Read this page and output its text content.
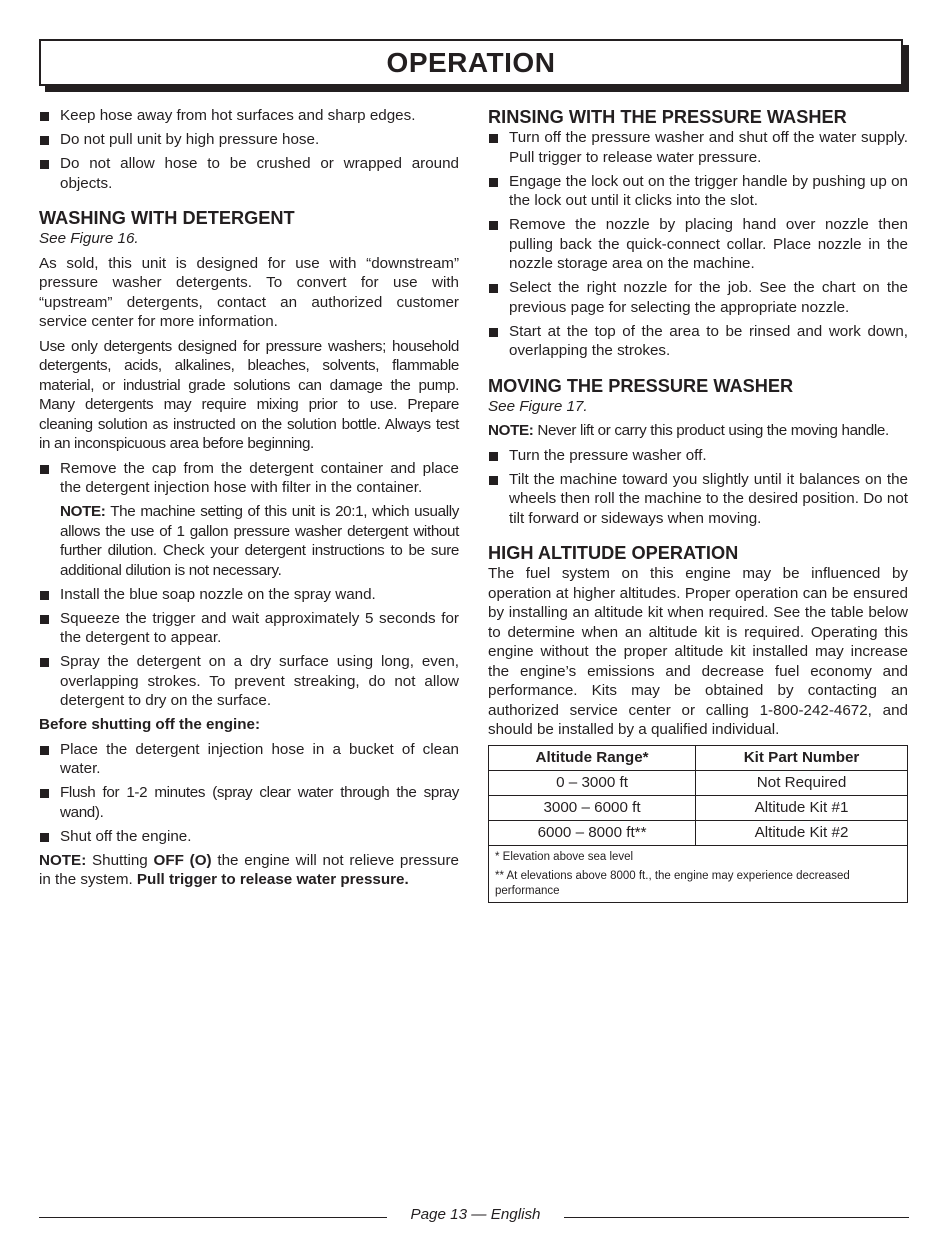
OPERATION
Keep hose away from hot surfaces and sharp edges.
Do not pull unit by high pressure hose.
Do not allow hose to be crushed or wrapped around objects.
WASHING WITH DETERGENT
See Figure 16.

As sold, this unit is designed for use with “downstream” pressure washer detergents. To convert for use with “upstream” detergents, contact an authorized customer service center for more information.

Use only detergents designed for pressure washers; household detergents, acids, alkalines, bleaches, solvents, flammable material, or industrial grade solutions can damage the pump. Many detergents may require mixing prior to use. Prepare cleaning solution as instructed on the solution bottle. Always test in an inconspicuous area before beginning.

Remove the cap from the detergent container and place the detergent injection hose with filter in the container.
NOTE: The machine setting of this unit is 20:1, which usually allows the use of 1 gallon pressure washer detergent without further dilution. Check your detergent instructions to be sure additional dilution is not necessary.
Install the blue soap nozzle on the spray wand.
Squeeze the trigger and wait approximately 5 seconds for the detergent to appear.
Spray the detergent on a dry surface using long, even, overlapping strokes. To prevent streaking, do not allow detergent to dry on the surface.
Before shutting off the engine:
Place the detergent injection hose in a bucket of clean water.
Flush for 1-2 minutes (spray clear water through the spray wand).
Shut off the engine.

NOTE: Shutting OFF (O) the engine will not relieve pressure in the system. Pull trigger to release water pressure.

RINSING WITH THE PRESSURE WASHER
Turn off the pressure washer and shut off the water supply. Pull trigger to release water pressure.
Engage the lock out on the trigger handle by pushing up on the lock out until it clicks into the slot.
Remove the nozzle by placing hand over nozzle then pulling back the quick-connect collar. Place nozzle in the nozzle storage area on the machine.
Select the right nozzle for the job. See the chart on the previous page for selecting the appropriate nozzle.
Start at the top of the area to be rinsed and work down, overlapping the strokes.
MOVING THE PRESSURE WASHER
See Figure 17.

NOTE: Never lift or carry this product using the moving handle.

Turn the pressure washer off.
Tilt the machine toward you slightly until it balances on the wheels then roll the machine to the desired position. Do not tilt forward or sideways when moving.
HIGH ALTITUDE OPERATION

The fuel system on this engine may be influenced by operation at higher altitudes. Proper operation can be ensured by installing an altitude kit when required. See the table below to determine when an altitude kit is required. Operating this engine without the proper altitude kit installed may increase the engine’s emissions and decrease fuel economy and performance. Kits may be obtained by contacting an authorized service center or calling 1-800-242-4672, and should be installed by a qualified individual.

Altitude Range*	Kit Part Number
0 – 3000 ft	Not Required
3000 – 6000 ft	Altitude Kit #1
6000 – 8000 ft**	Altitude Kit #2

* Elevation above sea level
** At elevations above 8000 ft., the engine may experience decreased performance	
Page 13 — English
